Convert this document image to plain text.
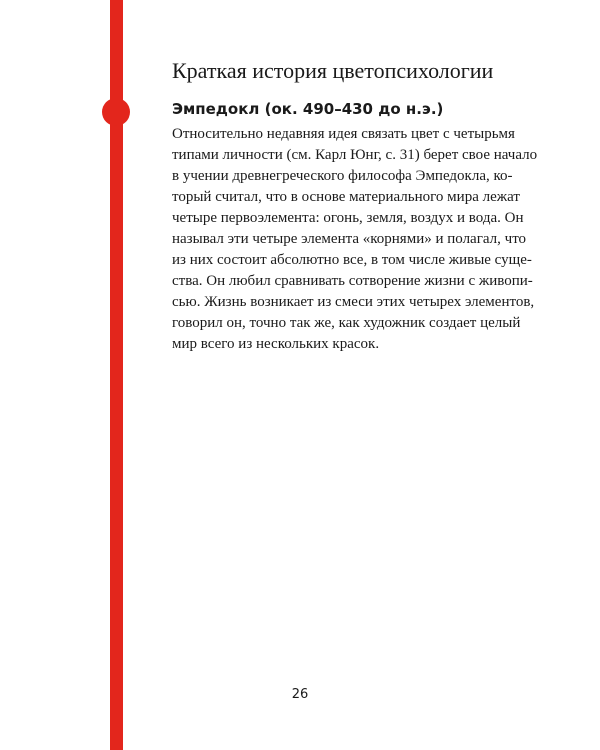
Краткая история цветопсихологии
Эмпедокл (ок. 490–430 до н.э.)
Относительно недавняя идея связать цвет с четырьмя
типами личности (см. Карл Юнг, с. 31) берет свое начало
в учении древнегреческого философа Эмпедокла, ко-
торый считал, что в основе материального мира лежат
четыре первоэлемента: огонь, земля, воздух и вода. Он
называл эти четыре элемента «корнями» и полагал, что
из них состоит абсолютно все, в том числе живые суще-
ства. Он любил сравнивать сотворение жизни с живопи-
сью. Жизнь возникает из смеси этих четырех элементов,
говорил он, точно так же, как художник создает целый
мир всего из нескольких красок.
26
